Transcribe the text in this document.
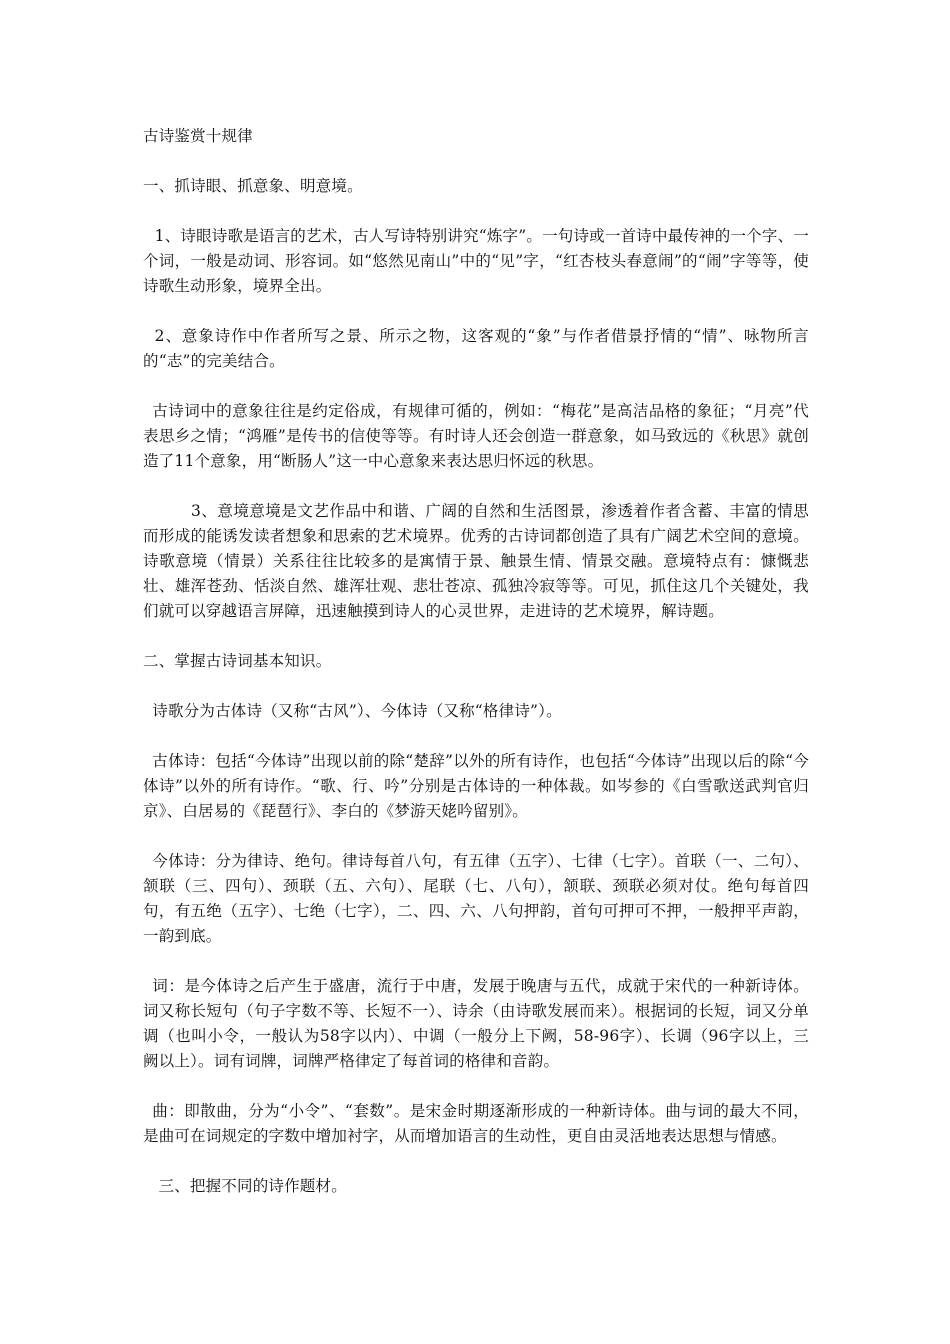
古诗鉴赏十规律

一、抓诗眼、抓意象、明意境。

1、诗眼诗歌是语言的艺术，古人写诗特别讲究“炼字”。一句诗或一首诗中最传神的一个字、一个词，一般是动词、形容词。如“悠然见南山”中的“见”字，“红杏枝头春意闹”的“闹”字等等，使诗歌生动形象，境界全出。

2、意象诗作中作者所写之景、所示之物，这客观的“象”与作者借景抒情的“情”、咏物所言的“志”的完美结合。

古诗词中的意象往往是约定俗成，有规律可循的，例如：“梅花”是高洁品格的象征；“月亮”代表思乡之情；“鸿雁”是传书的信使等等。有时诗人还会创造一群意象，如马致远的《秋思》就创造了11个意象，用“断肠人”这一中心意象来表达思归怀远的秋思。

3、意境意境是文艺作品中和谐、广阔的自然和生活图景，渗透着作者含蓄、丰富的情思而形成的能诱发读者想象和思索的艺术境界。优秀的古诗词都创造了具有广阔艺术空间的意境。诗歌意境（情景）关系往往比较多的是寓情于景、触景生情、情景交融。意境特点有：慷慨悲壮、雄浑苍劲、恬淡自然、雄浑壮观、悲壮苍凉、孤独冷寂等等。可见，抓住这几个关键处，我们就可以穿越语言屏障，迅速触摸到诗人的心灵世界，走进诗的艺术境界，解诗题。

二、掌握古诗词基本知识。

诗歌分为古体诗（又称“古风”）、今体诗（又称“格律诗”）。

古体诗：包括“今体诗”出现以前的除“楚辞”以外的所有诗作，也包括“今体诗”出现以后的除“今体诗”以外的所有诗作。“歌、行、吟”分别是古体诗的一种体裁。如岑参的《白雪歌送武判官归京》、白居易的《琵琶行》、李白的《梦游天姥吟留别》。

今体诗：分为律诗、绝句。律诗每首八句，有五律（五字）、七律（七字）。首联（一、二句）、颔联（三、四句）、颈联（五、六句）、尾联（七、八句），颔联、颈联必须对仗。绝句每首四句，有五绝（五字）、七绝（七字），二、四、六、八句押韵，首句可押可不押，一般押平声韵，一韵到底。

词：是今体诗之后产生于盛唐，流行于中唐，发展于晚唐与五代，成就于宋代的一种新诗体。词又称长短句（句子字数不等、长短不一）、诗余（由诗歌发展而来）。根据词的长短，词又分单调（也叫小令，一般认为58字以内）、中调（一般分上下阙，58-96字）、长调（96字以上，三阙以上）。词有词牌，词牌严格律定了每首词的格律和音韵。

曲：即散曲，分为“小令”、“套数”。是宋金时期逐渐形成的一种新诗体。曲与词的最大不同，是曲可在词规定的字数中增加衬字，从而增加语言的生动性，更自由灵活地表达思想与情感。

三、把握不同的诗作题材。
